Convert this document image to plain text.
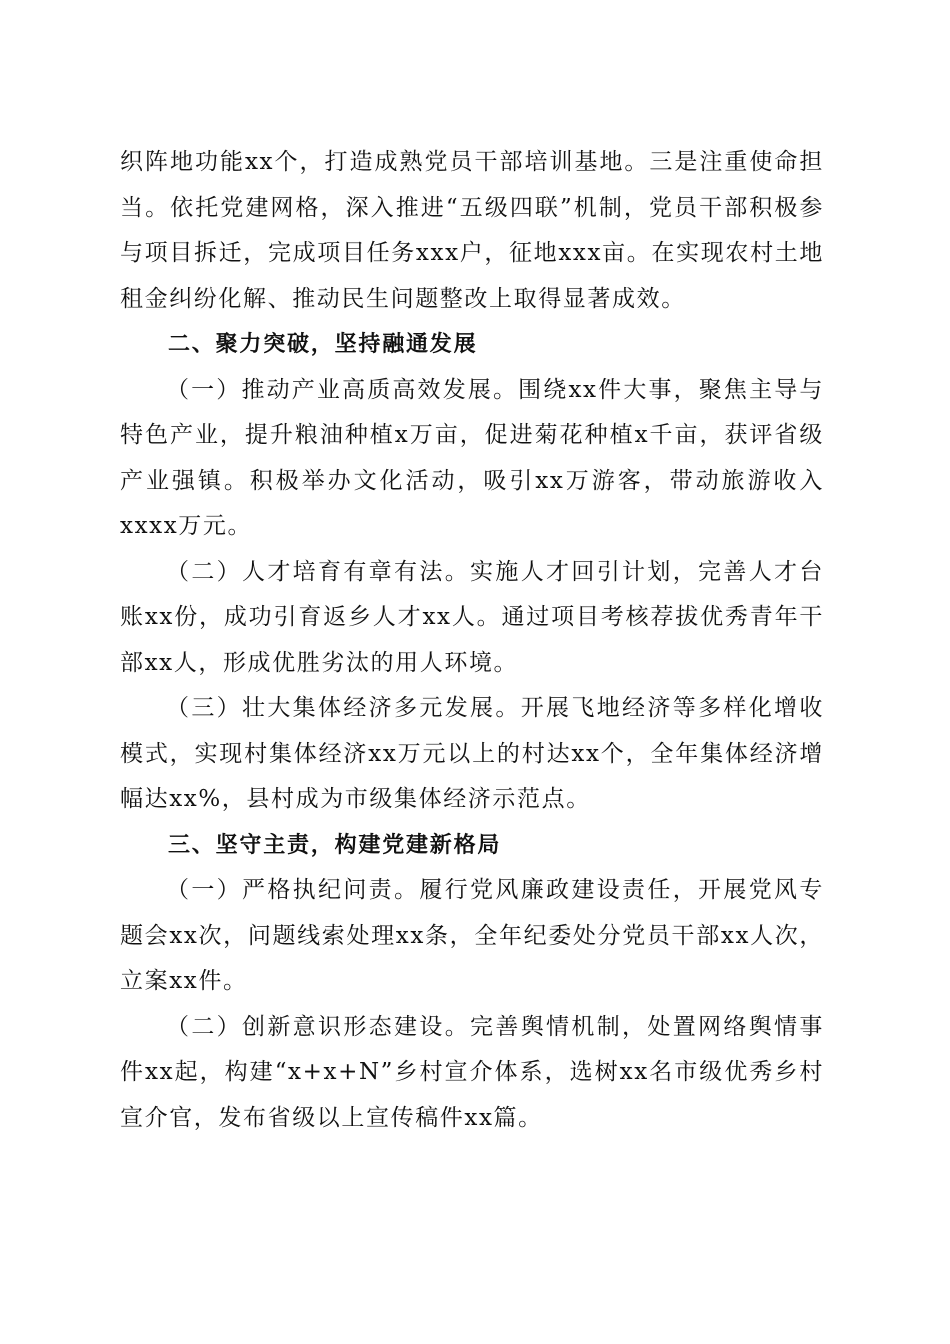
织阵地功能xx个，打造成熟党员干部培训基地。三是注重使命担当。依托党建网格，深入推进“五级四联”机制，党员干部积极参与项目拆迁，完成项目任务xxx户，征地xxx亩。在实现农村土地租金纠纷化解、推动民生问题整改上取得显著成效。

二、聚力突破，坚持融通发展

（一）推动产业高质高效发展。围绕xx件大事，聚焦主导与特色产业，提升粮油种植x万亩，促进菊花种植x千亩，获评省级产业强镇。积极举办文化活动，吸引xx万游客，带动旅游收入xxxx万元。

（二）人才培育有章有法。实施人才回引计划，完善人才台账xx份，成功引育返乡人才xx人。通过项目考核荐拔优秀青年干部xx人，形成优胜劣汰的用人环境。

（三）壮大集体经济多元发展。开展飞地经济等多样化增收模式，实现村集体经济xx万元以上的村达xx个，全年集体经济增幅达xx%，县村成为市级集体经济示范点。

三、坚守主责，构建党建新格局

（一）严格执纪问责。履行党风廉政建设责任，开展党风专题会xx次，问题线索处理xx条，全年纪委处分党员干部xx人次，立案xx件。

（二）创新意识形态建设。完善舆情机制，处置网络舆情事件xx起，构建“x+x+N”乡村宣介体系，选树xx名市级优秀乡村宣介官，发布省级以上宣传稿件xx篇。
